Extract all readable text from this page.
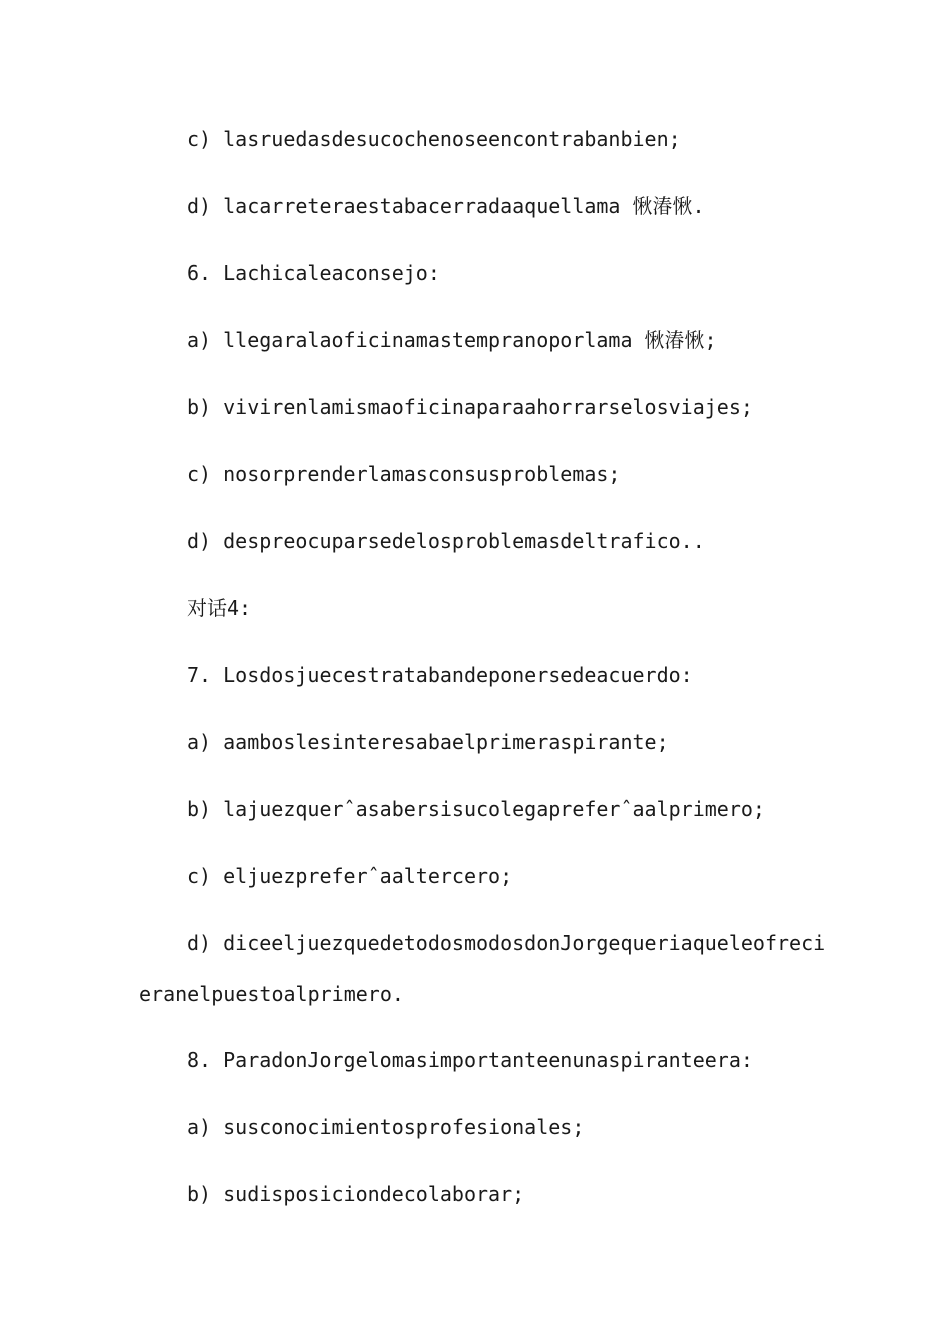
c) lasruedasdesucochenoseencontrabanbien;
d) lacarreteraestabacerradaaquellama 愀湷愀.
6. Lachicaleaconsejo:
a) llegaralaoficinamastempranoporlama 愀湷愀;
b) vivirenlamismaoficinaparaahorrarselosviajes;
c) nosorprenderlamasconsusproblemas;
d) despreocuparsedelosproblemasdeltrafico..
对话4:
7. Losdosjuecestratabandeponersedeacuerdo:
a) aamboslesinteresabaelprimeraspirante;
b) lajuezquerˆasabersisucolegapreferˆaalprimero;
c) eljuezpreferˆaaltercero;
d) diceeljuezquedetodosmodosdonJorgequeriaqueleofreci
eranelpuestoalprimero.
8. ParadonJorgelomasimportanteenunaspiranteera:
a) susconocimientosprofesionales;
b) sudisposiciondecolaborar;
